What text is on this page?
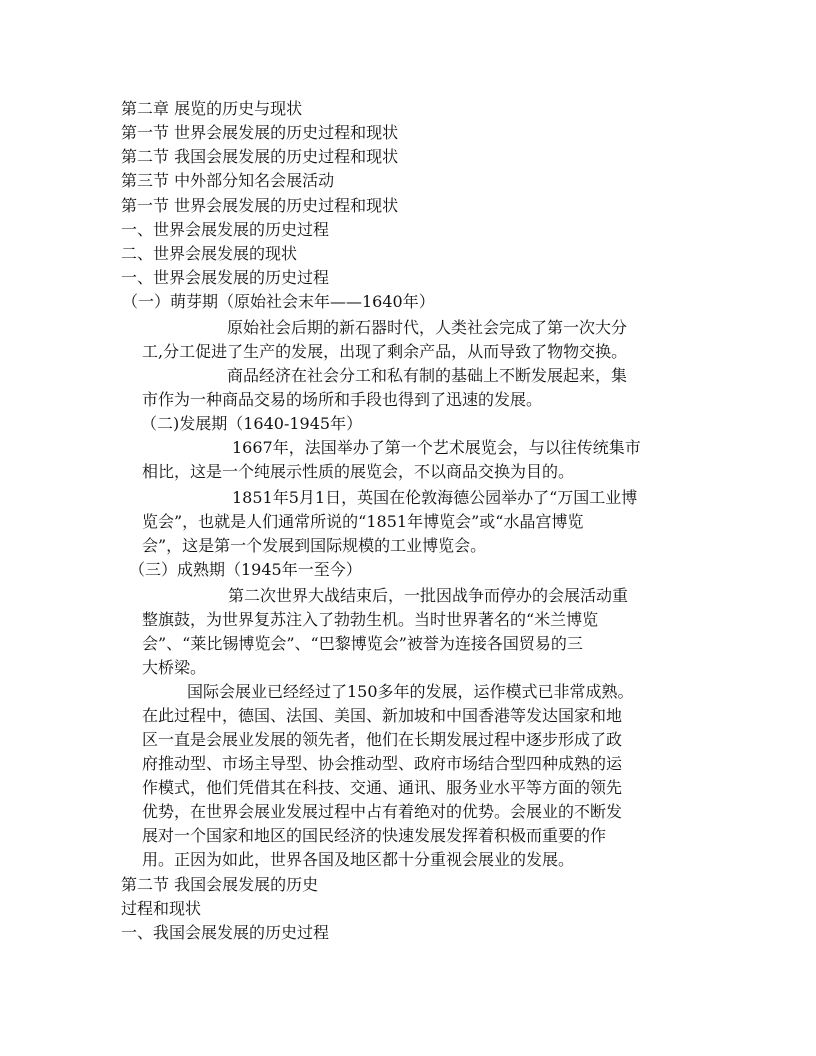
第二章 展览的历史与现状
第一节 世界会展发展的历史过程和现状
第二节 我国会展发展的历史过程和现状
第三节 中外部分知名会展活动
第一节 世界会展发展的历史过程和现状
一、世界会展发展的历史过程
二、世界会展发展的现状
一、世界会展发展的历史过程
（一）萌芽期（原始社会末年——1640年）
原始社会后期的新石器时代，人类社会完成了第一次大分
工,分工促进了生产的发展，出现了剩余产品，从而导致了物物交换。
商品经济在社会分工和私有制的基础上不断发展起来，集
市作为一种商品交易的场所和手段也得到了迅速的发展。
（二)发展期（1640-1945年）
1667年，法国举办了第一个艺术展览会，与以往传统集市
相比，这是一个纯展示性质的展览会，不以商品交换为目的。
1851年5月1日，英国在伦敦海德公园举办了“万国工业博
览会”，也就是人们通常所说的“1851年博览会”或“水晶宫博览
会”，这是第一个发展到国际规模的工业博览会。
（三）成熟期（1945年一至今）
第二次世界大战结束后，一批因战争而停办的会展活动重
整旗鼓，为世界复苏注入了勃勃生机。当时世界著名的“米兰博览
会”、“莱比锡博览会”、“巴黎博览会”被誉为连接各国贸易的三
大桥梁。
国际会展业已经经过了150多年的发展，运作模式已非常成熟。
在此过程中，德国、法国、美国、新加坡和中国香港等发达国家和地
区一直是会展业发展的领先者，他们在长期发展过程中逐步形成了政
府推动型、市场主导型、协会推动型、政府市场结合型四种成熟的运
作模式，他们凭借其在科技、交通、通讯、服务业水平等方面的领先
优势，在世界会展业发展过程中占有着绝对的优势。会展业的不断发
展对一个国家和地区的国民经济的快速发展发挥着积极而重要的作
用。正因为如此，世界各国及地区都十分重视会展业的发展。
第二节 我国会展发展的历史
过程和现状
一、我国会展发展的历史过程
